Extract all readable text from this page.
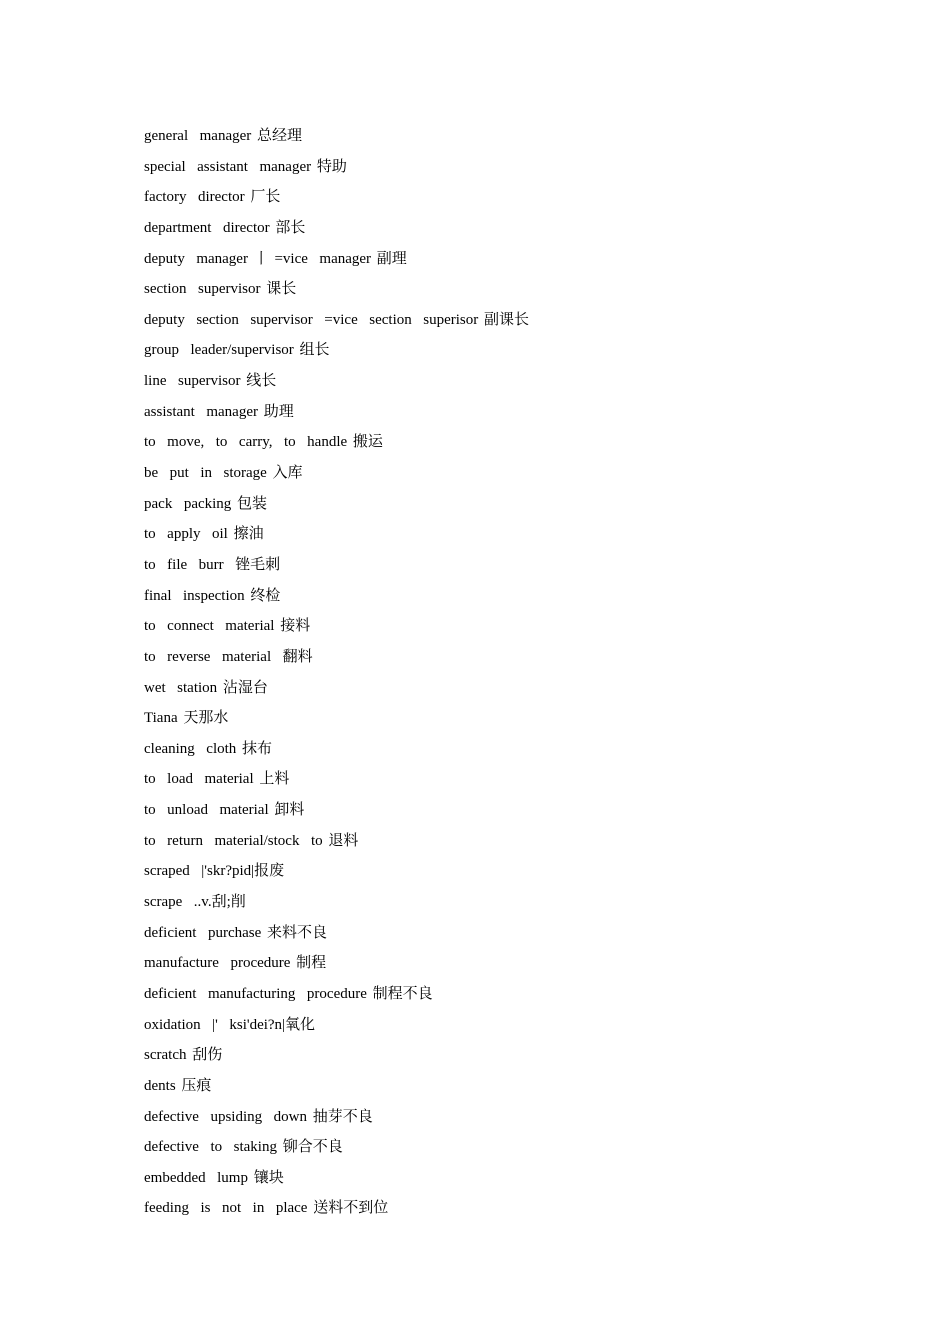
general  manager 总经理
special  assistant  manager 特助
factory  director 厂长
department  director 部长
deputy  manager 丨 =vice  manager 副理
section  supervisor 课长
deputy  section  supervisor  =vice  section  superisor 副课长
group  leader/supervisor 组长
line  supervisor 线长
assistant  manager 助理
to  move,  to  carry,  to  handle 搬运
be  put  in  storage 入库
pack  packing 包装
to  apply  oil 擦油
to  file  burr  锉毛刺
final  inspection 终检
to  connect  material 接料
to  reverse  material  翻料
wet  station 沾湿台
Tiana 天那水
cleaning  cloth 抹布
to  load  material 上料
to  unload  material 卸料
to  return  material/stock  to 退料
scraped  |'skr?pid|报废
scrape  ..v.刮;削
deficient  purchase 来料不良
manufacture  procedure 制程
deficient  manufacturing  procedure 制程不良
oxidation  |'  ksi'dei?n|氧化
scratch 刮伤
dents 压痕
defective  upsiding  down 抽芽不良
defective  to  staking 铆合不良
embedded  lump 镶块
feeding  is  not  in  place 送料不到位
